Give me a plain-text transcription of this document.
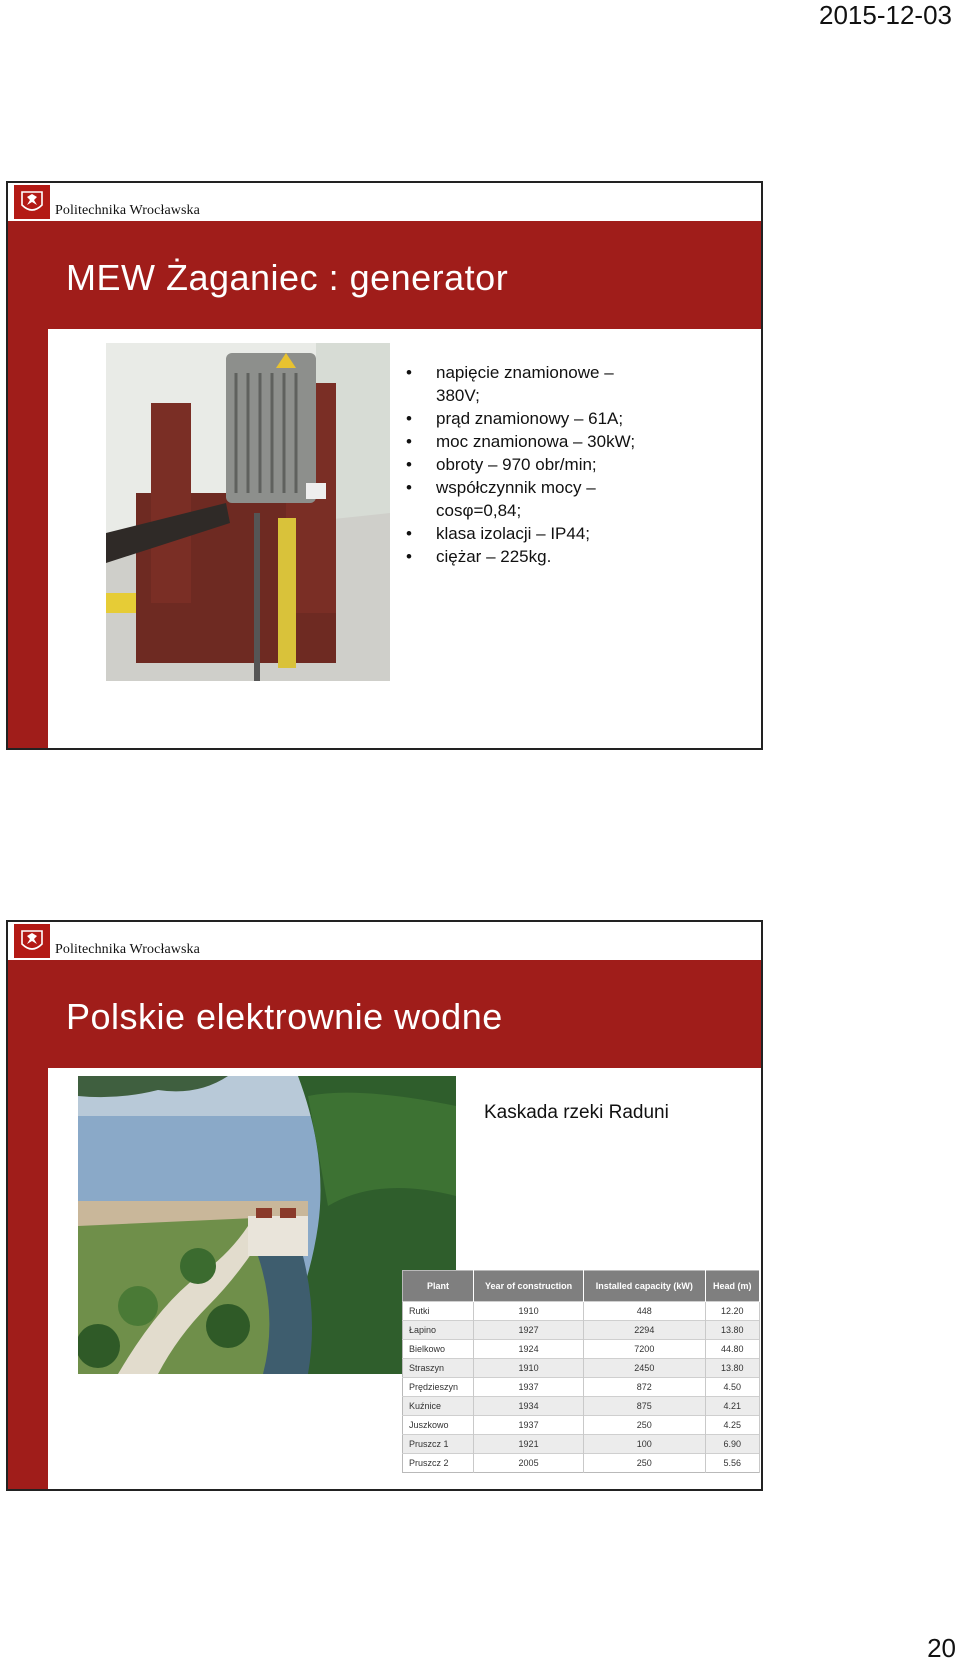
2015-12-03
Politechnika Wrocławska
MEW Żaganiec : generator
• napięcie znamionowe – 380V;
• prąd znamionowy – 61A;
• moc znamionowa – 30kW;
• obroty – 970 obr/min;
• współczynnik mocy – cosφ=0,84;
• klasa izolacji – IP44;
• ciężar – 225kg.
Politechnika Wrocławska
Polskie elektrownie wodne
Kaskada rzeki Raduni
Plant	Year of construction	Installed capacity (kW)	Head (m)
Rutki	1910	448	12.20
Łapino	1927	2294	13.80
Bielkowo	1924	7200	44.80
Straszyn	1910	2450	13.80
Prędzieszyn	1937	872	4.50
Kuźnice	1934	875	4.21
Juszkowo	1937	250	4.25
Pruszcz 1	1921	100	6.90
Pruszcz 2	2005	250	5.56
20
